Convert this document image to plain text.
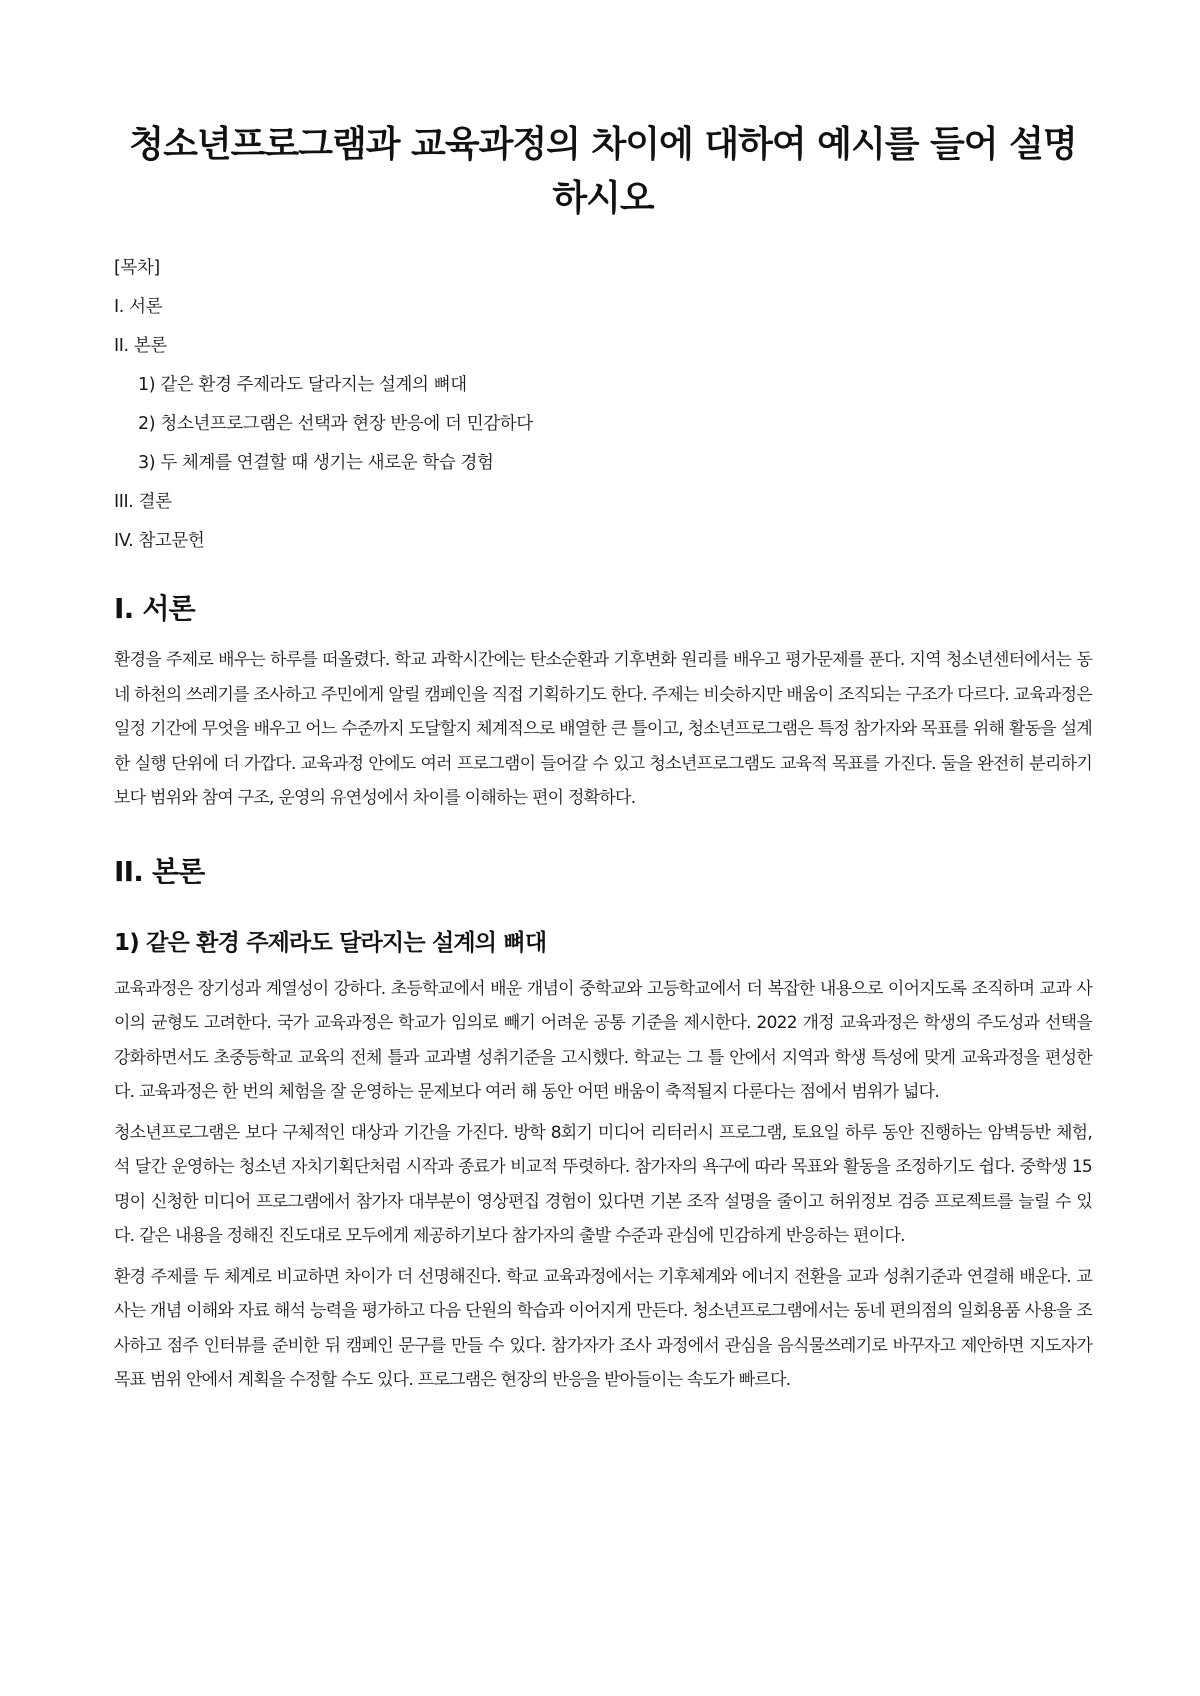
청소년프로그램과 교육과정의 차이에 대하여 예시를 들어 설명하시오
[목차]
I. 서론
II. 본론
1) 같은 환경 주제라도 달라지는 설계의 뼈대
2) 청소년프로그램은 선택과 현장 반응에 더 민감하다
3) 두 체계를 연결할 때 생기는 새로운 학습 경험
III. 결론
IV. 참고문헌
I. 서론

환경을 주제로 배우는 하루를 떠올렸다. 학교 과학시간에는 탄소순환과 기후변화 원리를 배우고 평가문제를 푼다. 지역 청소년센터에서는 동네 하천의 쓰레기를 조사하고 주민에게 알릴 캠페인을 직접 기획하기도 한다. 주제는 비슷하지만 배움이 조직되는 구조가 다르다. 교육과정은 일정 기간에 무엇을 배우고 어느 수준까지 도달할지 체계적으로 배열한 큰 틀이고, 청소년프로그램은 특정 참가자와 목표를 위해 활동을 설계한 실행 단위에 더 가깝다. 교육과정 안에도 여러 프로그램이 들어갈 수 있고 청소년프로그램도 교육적 목표를 가진다. 둘을 완전히 분리하기보다 범위와 참여 구조, 운영의 유연성에서 차이를 이해하는 편이 정확하다.

II. 본론
1) 같은 환경 주제라도 달라지는 설계의 뼈대

교육과정은 장기성과 계열성이 강하다. 초등학교에서 배운 개념이 중학교와 고등학교에서 더 복잡한 내용으로 이어지도록 조직하며 교과 사이의 균형도 고려한다. 국가 교육과정은 학교가 임의로 빼기 어려운 공통 기준을 제시한다. 2022 개정 교육과정은 학생의 주도성과 선택을 강화하면서도 초중등학교 교육의 전체 틀과 교과별 성취기준을 고시했다. 학교는 그 틀 안에서 지역과 학생 특성에 맞게 교육과정을 편성한다. 교육과정은 한 번의 체험을 잘 운영하는 문제보다 여러 해 동안 어떤 배움이 축적될지 다룬다는 점에서 범위가 넓다.

청소년프로그램은 보다 구체적인 대상과 기간을 가진다. 방학 8회기 미디어 리터러시 프로그램, 토요일 하루 동안 진행하는 암벽등반 체험, 석 달간 운영하는 청소년 자치기획단처럼 시작과 종료가 비교적 뚜렷하다. 참가자의 욕구에 따라 목표와 활동을 조정하기도 쉽다. 중학생 15명이 신청한 미디어 프로그램에서 참가자 대부분이 영상편집 경험이 있다면 기본 조작 설명을 줄이고 허위정보 검증 프로젝트를 늘릴 수 있다. 같은 내용을 정해진 진도대로 모두에게 제공하기보다 참가자의 출발 수준과 관심에 민감하게 반응하는 편이다.

환경 주제를 두 체계로 비교하면 차이가 더 선명해진다. 학교 교육과정에서는 기후체계와 에너지 전환을 교과 성취기준과 연결해 배운다. 교사는 개념 이해와 자료 해석 능력을 평가하고 다음 단원의 학습과 이어지게 만든다. 청소년프로그램에서는 동네 편의점의 일회용품 사용을 조사하고 점주 인터뷰를 준비한 뒤 캠페인 문구를 만들 수 있다. 참가자가 조사 과정에서 관심을 음식물쓰레기로 바꾸자고 제안하면 지도자가 목표 범위 안에서 계획을 수정할 수도 있다. 프로그램은 현장의 반응을 받아들이는 속도가 빠르다.
